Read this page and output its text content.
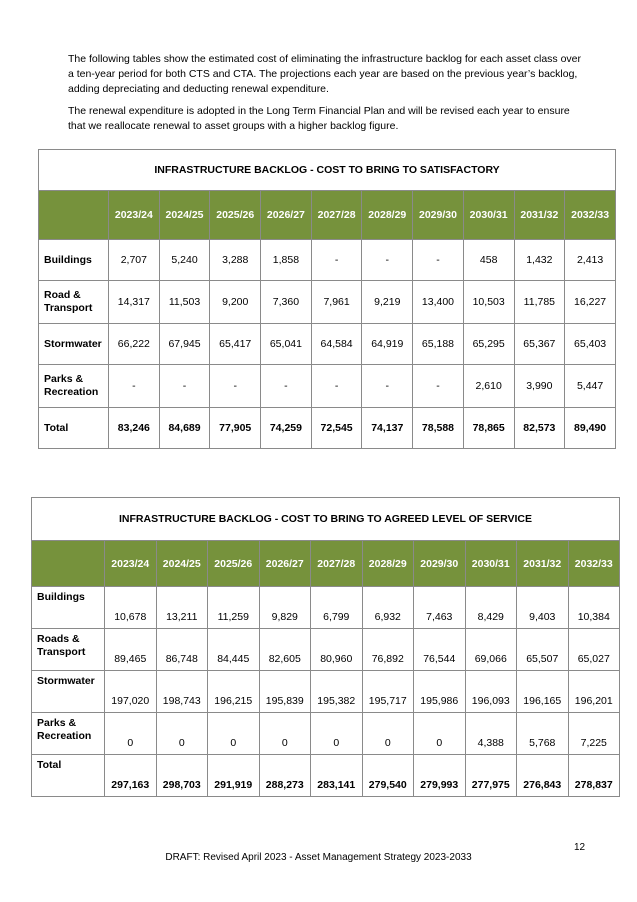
The following tables show the estimated cost of eliminating the infrastructure backlog for each asset class over a ten-year period for both CTS and CTA. The projections each year are based on the previous year’s backlog, adding depreciating and deducting renewal expenditure.

The renewal expenditure is adopted in the Long Term Financial Plan and will be revised each year to ensure that we reallocate renewal to asset groups with a higher backlog figure.

INFRASTRUCTURE BACKLOG - COST TO BRING TO SATISFACTORY										
	2023/24	2024/25	2025/26	2026/27	2027/28	2028/29	2029/30	2030/31	2031/32	2032/33
Buildings	2,707	5,240	3,288	1,858	-	-	-	458	1,432	2,413
Road & Transport	14,317	11,503	9,200	7,360	7,961	9,219	13,400	10,503	11,785	16,227
Stormwater	66,222	67,945	65,417	65,041	64,584	64,919	65,188	65,295	65,367	65,403
Parks & Recreation	-	-	-	-	-	-	-	2,610	3,990	5,447
Total	83,246	84,689	77,905	74,259	72,545	74,137	78,588	78,865	82,573	89,490
INFRASTRUCTURE BACKLOG - COST TO BRING TO AGREED LEVEL OF SERVICE										
	2023/24	2024/25	2025/26	2026/27	2027/28	2028/29	2029/30	2030/31	2031/32	2032/33
Buildings	10,678	13,211	11,259	9,829	6,799	6,932	7,463	8,429	9,403	10,384
Roads & Transport	89,465	86,748	84,445	82,605	80,960	76,892	76,544	69,066	65,507	65,027
Stormwater	197,020	198,743	196,215	195,839	195,382	195,717	195,986	196,093	196,165	196,201
Parks & Recreation	0	0	0	0	0	0	0	4,388	5,768	7,225
Total	297,163	298,703	291,919	288,273	283,141	279,540	279,993	277,975	276,843	278,837
12
DRAFT: Revised April 2023 - Asset Management Strategy 2023-2033
